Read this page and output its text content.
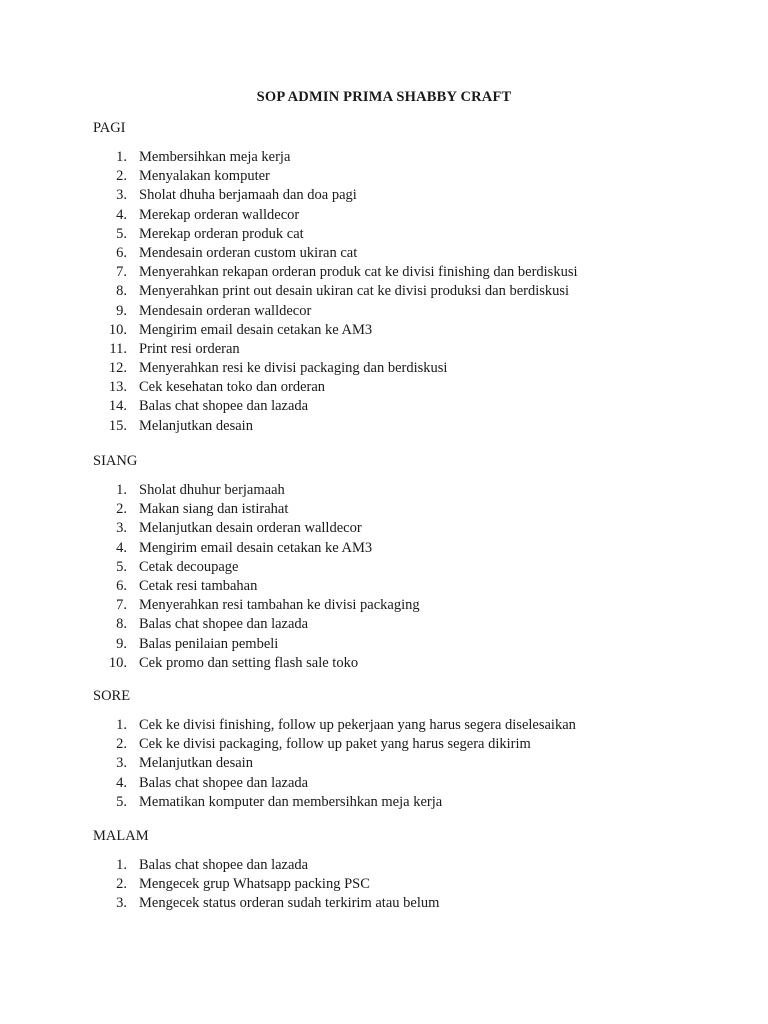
SOP ADMIN PRIMA SHABBY CRAFT
PAGI
1. Membersihkan meja kerja
2. Menyalakan komputer
3. Sholat dhuha berjamaah dan doa pagi
4. Merekap orderan walldecor
5. Merekap orderan produk cat
6. Mendesain orderan custom ukiran cat
7. Menyerahkan rekapan orderan produk cat ke divisi finishing dan berdiskusi
8. Menyerahkan print out desain ukiran cat ke divisi produksi dan berdiskusi
9. Mendesain orderan walldecor
10. Mengirim email desain cetakan ke AM3
11. Print resi orderan
12. Menyerahkan resi ke divisi packaging dan berdiskusi
13. Cek kesehatan toko dan orderan
14. Balas chat shopee dan lazada
15. Melanjutkan desain
SIANG
1. Sholat dhuhur berjamaah
2. Makan siang dan istirahat
3. Melanjutkan desain orderan walldecor
4. Mengirim email desain cetakan ke AM3
5. Cetak decoupage
6. Cetak resi tambahan
7. Menyerahkan resi tambahan ke divisi packaging
8. Balas chat shopee dan lazada
9. Balas penilaian pembeli
10. Cek promo dan setting flash sale toko
SORE
1. Cek ke divisi finishing, follow up pekerjaan yang harus segera diselesaikan
2. Cek ke divisi packaging, follow up paket yang harus segera dikirim
3. Melanjutkan desain
4. Balas chat shopee dan lazada
5. Mematikan komputer dan membersihkan meja kerja
MALAM
1. Balas chat shopee dan lazada
2. Mengecek grup Whatsapp packing PSC
3. Mengecek status orderan sudah terkirim atau belum
